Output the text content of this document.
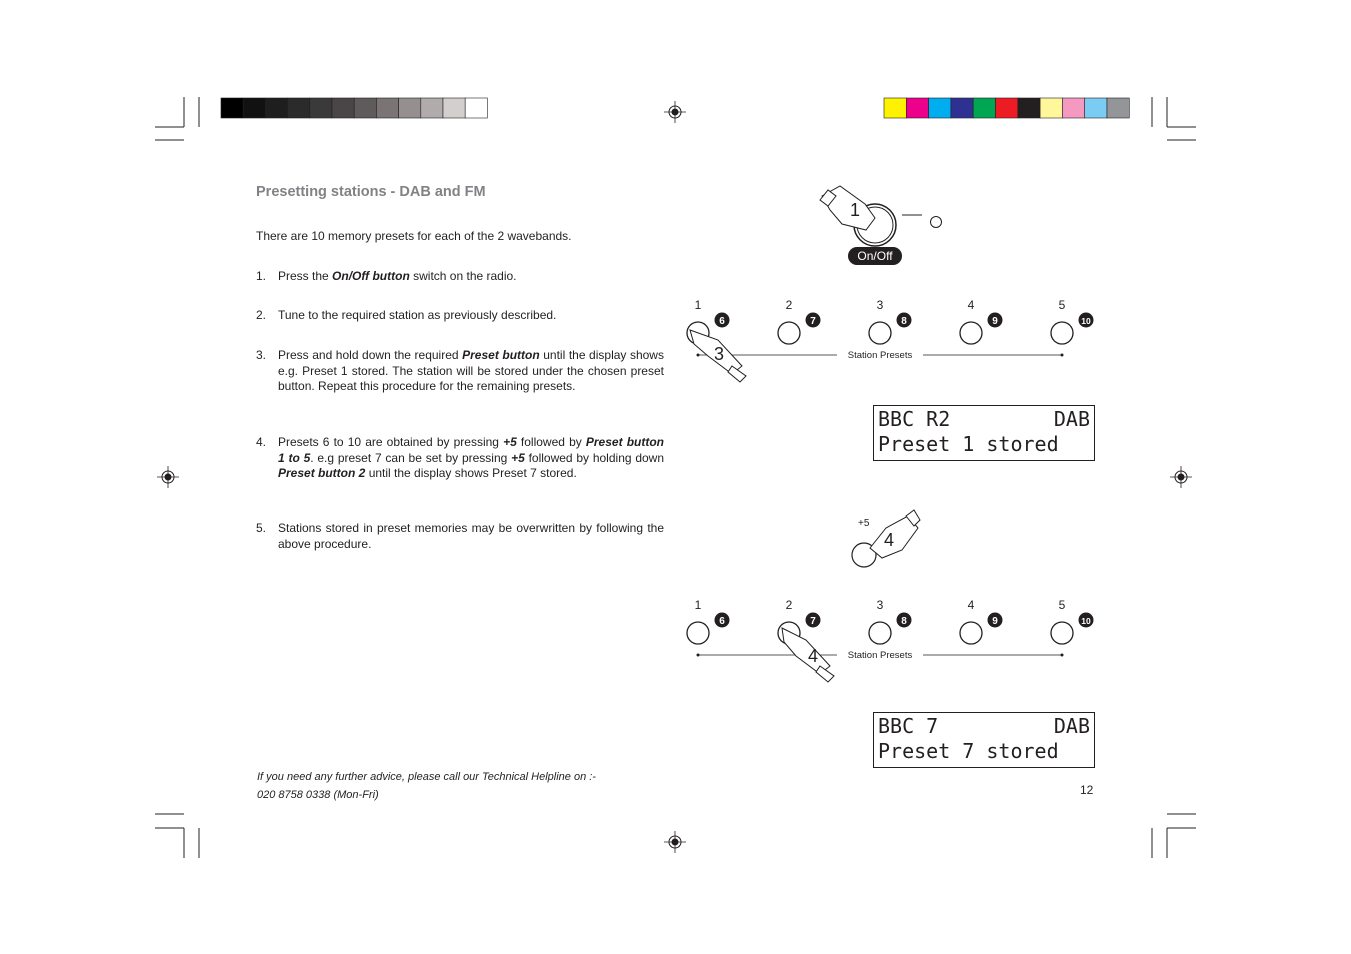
Presetting stations - DAB and FM
There are 10 memory presets for each of the 2 wavebands.
1. Press the On/Off button switch on the radio.
2. Tune to the required station as previously described.
3. Press and hold down the required Preset button until the display shows e.g. Preset 1 stored. The station will be stored under the chosen preset button. Repeat this procedure for the remaining presets.
4. Presets 6 to 10 are obtained by pressing +5 followed by Preset button 1 to 5. e.g preset 7 can be set by pressing +5 followed by holding down Preset button 2 until the display shows Preset 7 stored.
5. Stations stored in preset memories may be overwritten by following the above procedure.
If you need any further advice, please call our Technical Helpline on :-
020 8758 0338 (Mon-Fri)	12
On/Off
1
1
6
2
7
3
8
4
9
5
10
Station Presets
3
+5
4
1
6
2
7
3
8
4
9
5
10
Station Presets
4
BBC R2	DAB
Preset 1 stored
BBC 7	DAB
Preset 7 stored
